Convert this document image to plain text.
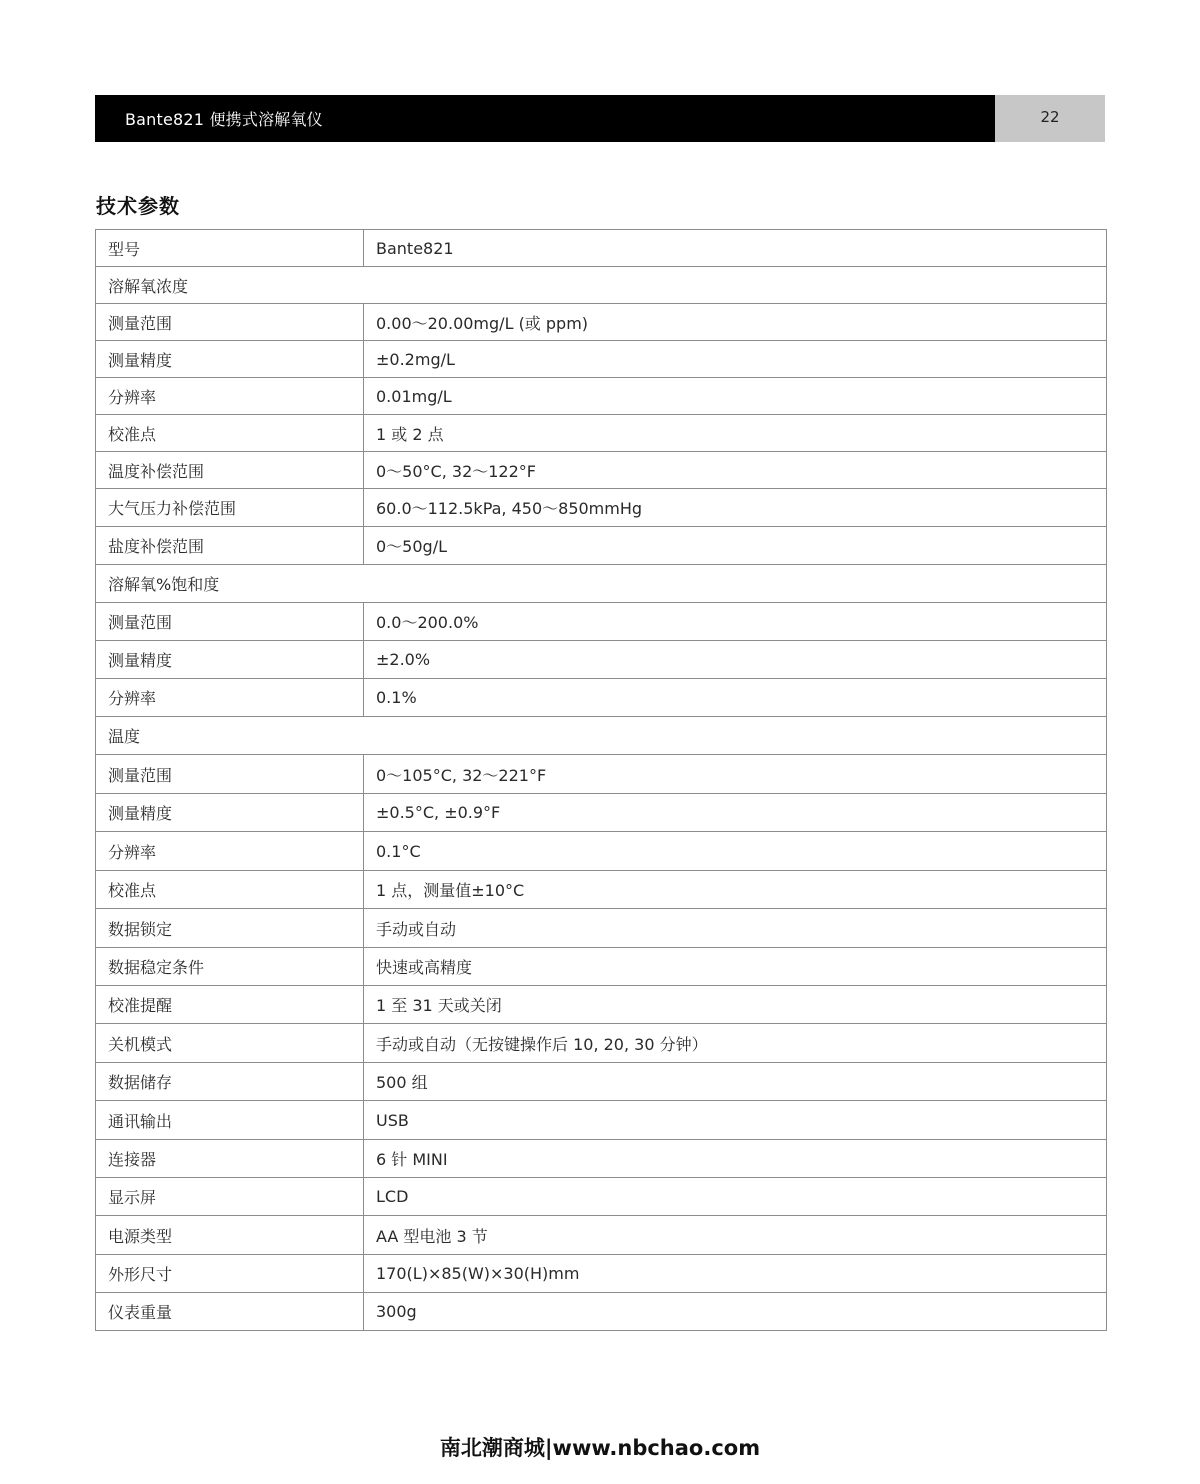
Bante821 便携式溶解氧仪	22
技术参数
型号	Bante821
溶解氧浓度	
测量范围	0.00～20.00mg/L (或 ppm)
测量精度	±0.2mg/L
分辨率	0.01mg/L
校准点	1 或 2 点
温度补偿范围	0～50°C, 32～122°F
大气压力补偿范围	60.0～112.5kPa, 450～850mmHg
盐度补偿范围	0～50g/L
溶解氧%饱和度	
测量范围	0.0～200.0%
测量精度	±2.0%
分辨率	0.1%
温度	
测量范围	0～105°C, 32～221°F
测量精度	±0.5°C, ±0.9°F
分辨率	0.1°C
校准点	1 点，测量值±10°C
数据锁定	手动或自动
数据稳定条件	快速或高精度
校准提醒	1 至 31 天或关闭
关机模式	手动或自动（无按键操作后 10, 20, 30 分钟）
数据储存	500 组
通讯输出	USB
连接器	6 针 MINI
显示屏	LCD
电源类型	AA 型电池 3 节
外形尺寸	170(L)×85(W)×30(H)mm
仪表重量	300g
南北潮商城|www.nbchao.com
